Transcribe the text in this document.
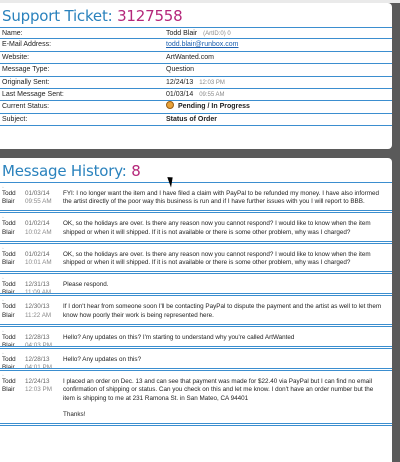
Support Ticket: 3127558
Name:	Todd Blair (ArtID:0) 0
E-Mail Address:	todd.blair@runbox.com
Website:	ArtWanted.com
Message Type:	Question
Originally Sent:	12/24/13 12:03 PM
Last Message Sent:	01/03/14 09:55 AM
Current Status:	Pending / In Progress
Subject:	Status of Order
Message History: 8
◦
Todd Blair
01/03/14
09:55 AM
FYI: I no longer want the item and I have filed a claim with PayPal to be refunded my money. I have also informed the artist directly of the poor way this business is run and if I have further issues with you I will report to BBB.
◦
Todd Blair
01/02/14
10:02 AM
OK, so the holidays are over. Is there any reason now you cannot respond? I would like to know when the item shipped or when it will shipped. If it is not available or there is some other problem, why was I charged?
◦
Todd Blair
01/02/14
10:01 AM
OK, so the holidays are over. Is there any reason now you cannot respond? I would like to know when the item shipped or when it will shipped. If it is not available or there is some other problem, why was I charged?
◦
Todd Blair
12/31/13
11:09 AM
Please respond.
◦
Todd Blair
12/30/13
11:22 AM
If I don't hear from someone soon I'll be contacting PayPal to dispute the payment and the artist as well to let them know how poorly their work is being represented here.
◦
Todd Blair
12/28/13
04:03 PM
Hello? Any updates on this? I'm starting to understand why you're called ArtWanted
◦
Todd Blair
12/28/13
04:01 PM
Hello? Any updates on this?
◦
Todd Blair
12/24/13
12:03 PM
I placed an order on Dec. 13 and can see that payment was made for $22.40 via PayPal but I can find no email confirmation of shipping or status. Can you check on this and let me know. I don't have an order number but the item is shipping to me at 231 Ramona St. in San Mateo, CA 94401
Thanks!
